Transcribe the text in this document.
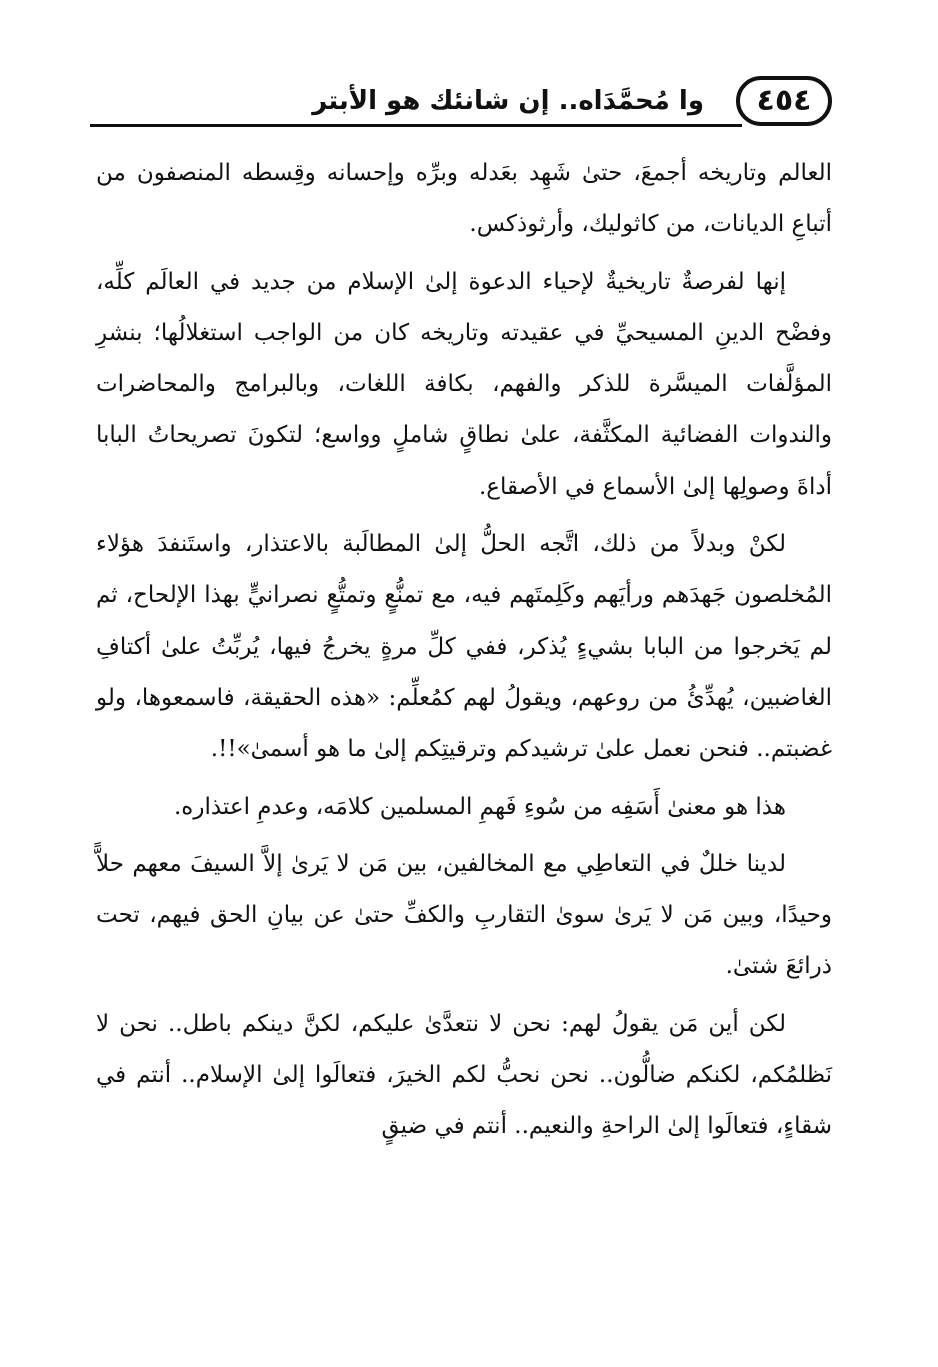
٤٥٤
وا مُحمَّدَاه.. إن شانئك هو الأبتر

العالم وتاريخه أجمعَ، حتىٰ شَهِد بعَدله وبرِّه وإحسانه وقِسطه المنصفون من أتباعِ الديانات، من كاثوليك، وأرثوذكس.

إنها لفرصةٌ تاريخيةٌ لإحياء الدعوة إلىٰ الإسلام من جديد في العالَم كلِّه، وفضْح الدينِ المسيحيِّ في عقيدته وتاريخه كان من الواجب استغلالُها؛ بنشرِ المؤلَّفات الميسَّرة للذكر والفهم، بكافة اللغات، وبالبرامج والمحاضرات والندوات الفضائية المكثَّفة، علىٰ نطاقٍ شاملٍ وواسع؛ لتكونَ تصريحاتُ البابا أداةَ وصولِها إلىٰ الأسماع في الأصقاع.

لكنْ وبدلاً من ذلك، اتَّجه الحلُّ إلىٰ المطالَبة بالاعتذار، واستَنفدَ هؤلاء المُخلصون جَهدَهم ورأيَهم وكَلِمتَهم فيه، مع تمنُّعٍ وتمتُّعٍ نصرانيٍّ بهذا الإلحاح، ثم لم يَخرجوا من البابا بشيءٍ يُذكر، ففي كلِّ مرةٍ يخرجُ فيها، يُربِّتُ علىٰ أكتافِ الغاضبين، يُهدِّئُ من روعهم، ويقولُ لهم كمُعلِّم: «هذه الحقيقة، فاسمعوها، ولو غضبتم.. فنحن نعمل علىٰ ترشيدكم وترقيتِكم إلىٰ ما هو أسمىٰ»!!.

هذا هو معنىٰ أَسَفِه من سُوءِ فَهمِ المسلمين كلامَه، وعدمِ اعتذاره.

لدينا خللٌ في التعاطِي مع المخالفين، بين مَن لا يَرىٰ إلاَّ السيفَ معهم حلاًّ وحيدًا، وبين مَن لا يَرىٰ سوىٰ التقاربِ والكفِّ حتىٰ عن بيانِ الحق فيهم، تحت ذرائعَ شتىٰ.

لكن أين مَن يقولُ لهم: نحن لا نتعدَّىٰ عليكم، لكنَّ دينكم باطل.. نحن لا نَظلمُكم، لكنكم ضالُّون.. نحن نحبُّ لكم الخيرَ، فتعالَوا إلىٰ الإسلام.. أنتم في شقاءٍ، فتعالَوا إلىٰ الراحةِ والنعيم.. أنتم في ضيقٍ
